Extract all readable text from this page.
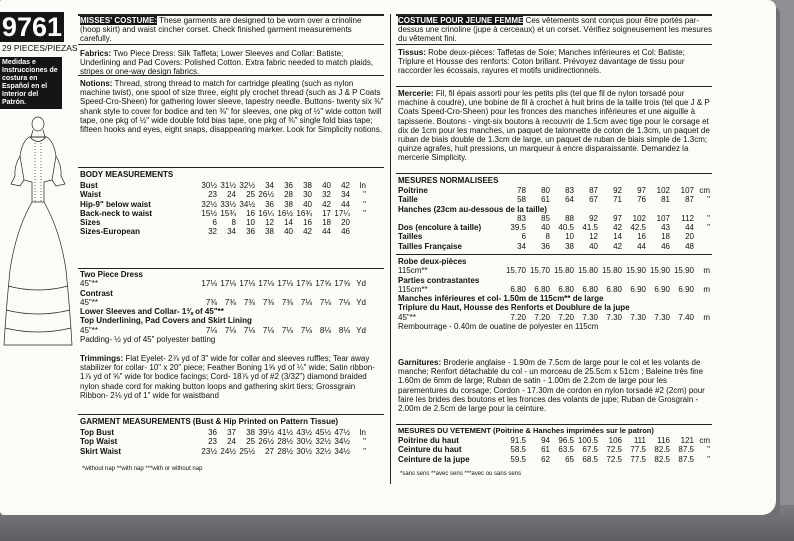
9761
29 PIECES/PIEZAS
Medidas e Instrucciones de costura en Español en el Interior del Patrón.
MISSES' COSTUME: These garments are designed to be worn over a crinoline (hoop skirt) and waist cincher corset. Check finished garment measurements carefully.
Fabrics: Two Piece Dress: Silk Taffeta; Lower Sleeves and Collar: Batiste; Underlining and Pad Covers: Polished Cotton. Extra fabric needed to match plaids, stripes or one-way design fabrics.
Notions: Thread, strong thread to match for cartridge pleating (such as nylon machine twist), one spool of size three, eight ply crochet thread (such as J & P Coats Speed-Cro-Sheen) for gathering lower sleeve, tapestry needle. Buttons- twenty six ⅜" shank style to cover for bodice and ten ⅜" for sleeves, one pkg of ½" wide cotton twill tape, one pkg of ½" wide double fold bias tape, one pkg of ⅜" single fold bias tape; fifteen hooks and eyes, eight snaps, disappearing marker. Look for Simplicity notions.
BODY MEASUREMENTS
Bust	30½ 31½ 32½	34	36	38	40	42	In
Waist	23	24	25 26½	28	30	32	34	"
Hip-9" below waist	32½ 33½ 34½	36	38	40	42	44	"
Back-neck to waist	15½ 15¾	16 16¼ 16½ 16¾	17 17¼	"
Sizes	6	8	10	12	14	16	18	20
Sizes-European	32	34	36	38	40	42	44	46
Two Piece Dress
45"**	17⅛ 17⅛ 17⅛ 17⅛ 17⅛ 17⅝ 17⅝ 17⅝ Yd
Contrast
45"**	7⅜ 7⅜ 7⅜ 7⅜ 7⅜ 7⅛ 7⅛ 7⅛ Yd
Lower Sleeves and Collar- 1⅜ of 45"**
Top Underlining, Pad Covers and Skirt Lining
45"**	7⅛ 7⅛ 7⅛ 7⅛ 7⅛ 7⅛ 8⅛ 8⅛ Yd
Padding- ½ yd of 45" polyester batting
Trimmings: Flat Eyelet- 2⅞ yd of 3" wide for collar and sleeves ruffles; Tear away stabilizer for collar- 10" x 20" piece; Feather Boning 1⅝ yd of ¼" wide; Satin ribbon- 1⅞ yd of ⅝" wide for bodice facings; Cord- 18⅞ yd of #2 (3/32") diamond braided nylon shade cord for making button loops and gathering skirt tiers; Grossgrain Ribbon- 2⅛ yd of 1" wide for waistband
GARMENT MEASUREMENTS (Bust & Hip Printed on Pattern Tissue)
Top Bust	36	37	38 39½ 41½ 43½ 45½ 47½	In
Top Waist	23	24	25 26½ 28½ 30½ 32½ 34½	"
Skirt Waist	23½ 24½ 25½	27 28½ 30½ 32½ 34½	"
*without nap **with nap ***with or without nap
COSTUME POUR JEUNE FEMME Ces vêtements sont conçus pour être portés par-dessus une crinoline (jupe à cerceaux) et un corset. Vérifiez soigneusement les mesures du vêtement fini.
Tissus: Robe deux-pièces: Taffetas de Soie; Manches inférieures et Col: Batiste; Triplure et Housse des renforts: Coton brillant. Prévoyez davantage de tissu pour raccorder les écossais, rayures et motifs unidirectionnels.
Mercerie: Fil, fil épais assorti pour les petits plis (tel que fil de nylon torsadé pour machine à coudre), une bobine de fil à crochet à huit brins de la taille trois (tel que J & P Coats Speed-Cro-Sheen) pour les fronces des manches inférieures et une aiguille à tapisserie. Boutons - vingt-six boutons à recouvrir de 1.5cm avec tige pour le corsage et dix de 1cm pour les manches, un paquet de talonnette de coton de 1.3cm, un paquet de ruban de biais double de 1.3cm de large, un paquet de ruban de biais simple de 1.3cm; quinze agrafes, huit pressions, un marqueur à encre disparaissante. Demandez la mercerie Simplicity.
MESURES NORMALISEES
Poitrine	78	80	83	87	92	97	102	107 cm
Taille	58	61	64	67	71	76	81	87	"
Hanches (23cm au-dessous de la taille)
83	85	88	92	97	102	107	112	"
Dos (encolure à taille)	39.5	40	40.5	41.5	42	42.5	43	44	"
Tailles	6	8	10	12	14	16	18	20
Tailles Française	34	36	38	40	42	44	46	48
Robe deux-pièces
115cm**	15.70 15.70 15.80 15.80 15.80 15.90 15.90 15.90	m
Parties contrastantes
115cm**	6.80	6.80	6.80	6.80	6.80	6.90	6.90	6.90	m
Manches inférieures et col- 1.50m de 115cm** de large
Triplure du Haut, Housse des Renforts et Doublure de la jupe
45"**	7.20	7.20	7.20	7.30	7.30	7.30	7.30	7.40	m
Rembourrage - 0.40m de ouatine de polyester en 115cm
Garnitures: Broderie anglaise - 1.90m de 7.5cm de large pour le col et les volants de manche; Renfort détachable du col - un morceau de 25.5cm x 51cm ; Baleine très fine 1.60m de 6mm de large; Ruban de satin - 1.00m de 2.2cm de large pour les parementures du corsage; Cordon - 17.30m de cordon en nylon torsadé #2 (2cm) pour faire les brides des boutons et les fronces des volants de jupe; Ruban de Grosgrain - 2.00m de 2.5cm de large pour la ceinture.
MESURES DU VETEMENT (Poitrine & Hanches imprimées sur le patron)
Poitrine du haut	91.5	94	96.5 100.5	106	111	116	121 cm
Ceinture du haut	58.5	61	63.5	67.5	72.5	77.5	82.5	87.5	"
Ceinture de la jupe	59.5	62	65	68.5	72.5	77.5	82.5	87.5	"
*sans sens **avec sens ***avec ou sans sens
